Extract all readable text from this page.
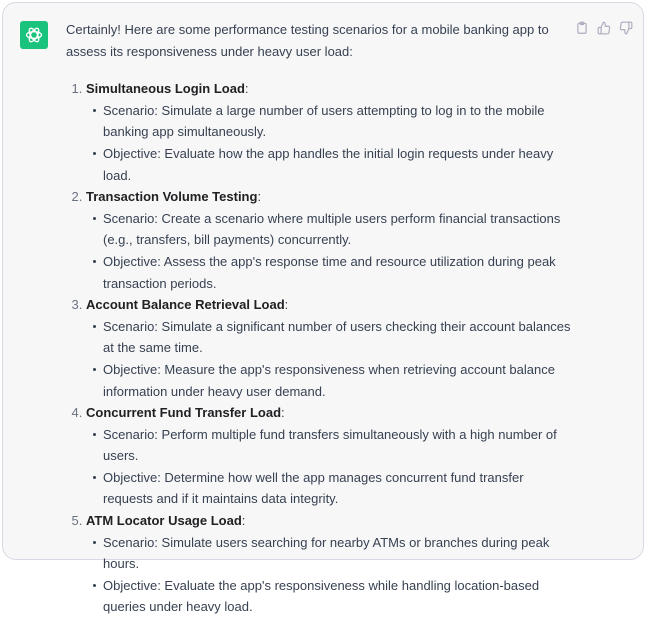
Certainly! Here are some performance testing scenarios for a mobile banking app to assess its responsiveness under heavy user load:

1. Simultaneous Login Load:
Scenario: Simulate a large number of users attempting to log in to the mobile banking app simultaneously.
Objective: Evaluate how the app handles the initial login requests under heavy load.
2. Transaction Volume Testing:
Scenario: Create a scenario where multiple users perform financial transactions (e.g., transfers, bill payments) concurrently.
Objective: Assess the app's response time and resource utilization during peak transaction periods.
3. Account Balance Retrieval Load:
Scenario: Simulate a significant number of users checking their account balances at the same time.
Objective: Measure the app's responsiveness when retrieving account balance information under heavy user demand.
4. Concurrent Fund Transfer Load:
Scenario: Perform multiple fund transfers simultaneously with a high number of users.
Objective: Determine how well the app manages concurrent fund transfer requests and if it maintains data integrity.
5. ATM Locator Usage Load:
Scenario: Simulate users searching for nearby ATMs or branches during peak hours.
Objective: Evaluate the app's responsiveness while handling location-based queries under heavy load.
